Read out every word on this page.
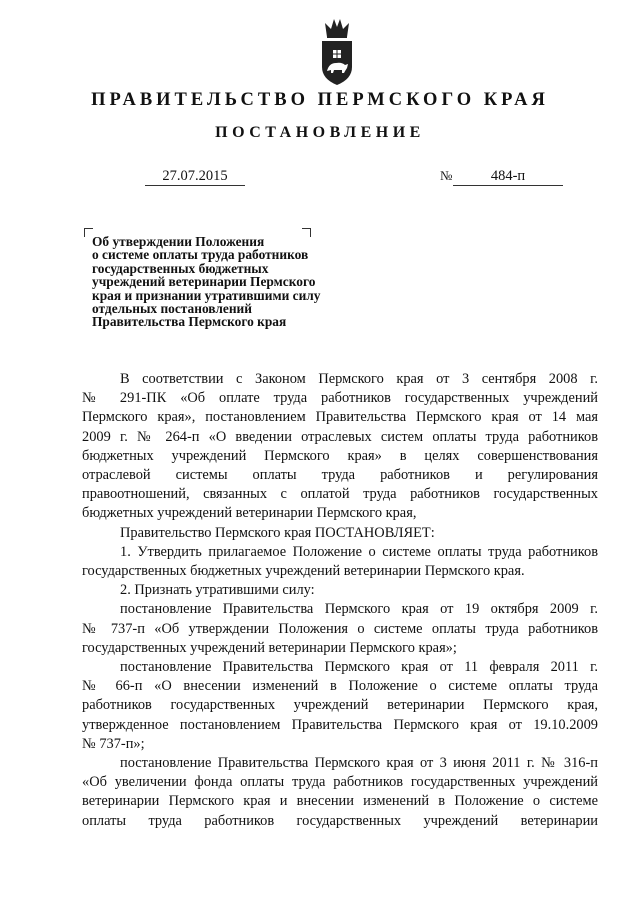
ПРАВИТЕЛЬСТВО ПЕРМСКОГО КРАЯ
ПОСТАНОВЛЕНИЕ
27.07.2015	№	484-п
Об утверждении Положения
о системе оплаты труда работников
государственных бюджетных
учреждений ветеринарии Пермского
края и признании утратившими силу
отдельных постановлений
Правительства Пермского края
В соответствии с Законом Пермского края от 3 сентября 2008 г.
№ 291-ПК «Об оплате труда работников государственных учреждений
Пермского края», постановлением Правительства Пермского края от 14 мая
2009 г. № 264-п «О введении отраслевых систем оплаты труда работников
бюджетных учреждений Пермского края» в целях совершенствования
отраслевой системы оплаты труда работников и регулирования
правоотношений, связанных с оплатой труда работников государственных
бюджетных учреждений ветеринарии Пермского края,
Правительство Пермского края ПОСТАНОВЛЯЕТ:
1. Утвердить прилагаемое Положение о системе оплаты труда работников
государственных бюджетных учреждений ветеринарии Пермского края.
2. Признать утратившими силу:
постановление Правительства Пермского края от 19 октября 2009 г.
№ 737-п «Об утверждении Положения о системе оплаты труда работников
государственных учреждений ветеринарии Пермского края»;
постановление Правительства Пермского края от 11 февраля 2011 г.
№ 66-п «О внесении изменений в Положение о системе оплаты труда
работников государственных учреждений ветеринарии Пермского края,
утвержденное постановлением Правительства Пермского края от 19.10.2009
№ 737-п»;
постановление Правительства Пермского края от 3 июня 2011 г. № 316-п
«Об увеличении фонда оплаты труда работников государственных учреждений
ветеринарии Пермского края и внесении изменений в Положение о системе
оплаты труда работников государственных учреждений ветеринарии
